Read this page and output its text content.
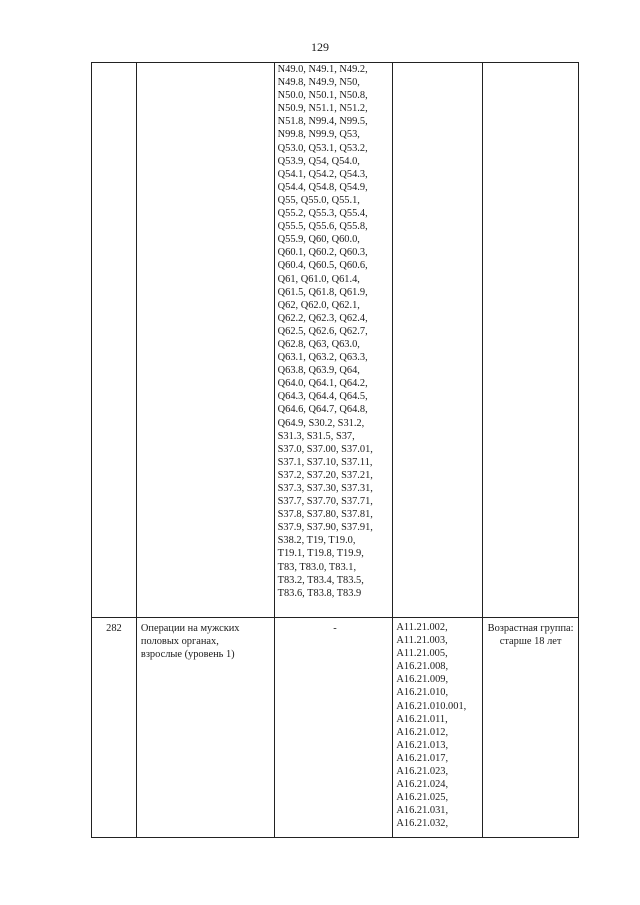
129
N49.0, N49.1, N49.2,
N49.8, N49.9, N50,
N50.0, N50.1, N50.8,
N50.9, N51.1, N51.2,
N51.8, N99.4, N99.5,
N99.8, N99.9, Q53,
Q53.0, Q53.1, Q53.2,
Q53.9, Q54, Q54.0,
Q54.1, Q54.2, Q54.3,
Q54.4, Q54.8, Q54.9,
Q55, Q55.0, Q55.1,
Q55.2, Q55.3, Q55.4,
Q55.5, Q55.6, Q55.8,
Q55.9, Q60, Q60.0,
Q60.1, Q60.2, Q60.3,
Q60.4, Q60.5, Q60.6,
Q61, Q61.0, Q61.4,
Q61.5, Q61.8, Q61.9,
Q62, Q62.0, Q62.1,
Q62.2, Q62.3, Q62.4,
Q62.5, Q62.6, Q62.7,
Q62.8, Q63, Q63.0,
Q63.1, Q63.2, Q63.3,
Q63.8, Q63.9, Q64,
Q64.0, Q64.1, Q64.2,
Q64.3, Q64.4, Q64.5,
Q64.6, Q64.7, Q64.8,
Q64.9, S30.2, S31.2,
S31.3, S31.5, S37,
S37.0, S37.00, S37.01,
S37.1, S37.10, S37.11,
S37.2, S37.20, S37.21,
S37.3, S37.30, S37.31,
S37.7, S37.70, S37.71,
S37.8, S37.80, S37.81,
S37.9, S37.90, S37.91,
S38.2, T19, T19.0,
T19.1, T19.8, T19.9,
T83, T83.0, T83.1,
T83.2, T83.4, T83.5,
T83.6, T83.8, T83.9
282	Операции на мужских
половых органах,
взрослые (уровень 1)
-	A11.21.002,
A11.21.003,
A11.21.005,
A16.21.008,
A16.21.009,
A16.21.010,
A16.21.010.001,
A16.21.011,
A16.21.012,
A16.21.013,
A16.21.017,
A16.21.023,
A16.21.024,
A16.21.025,
A16.21.031,
A16.21.032,
Возрастная группа:
старше 18 лет
